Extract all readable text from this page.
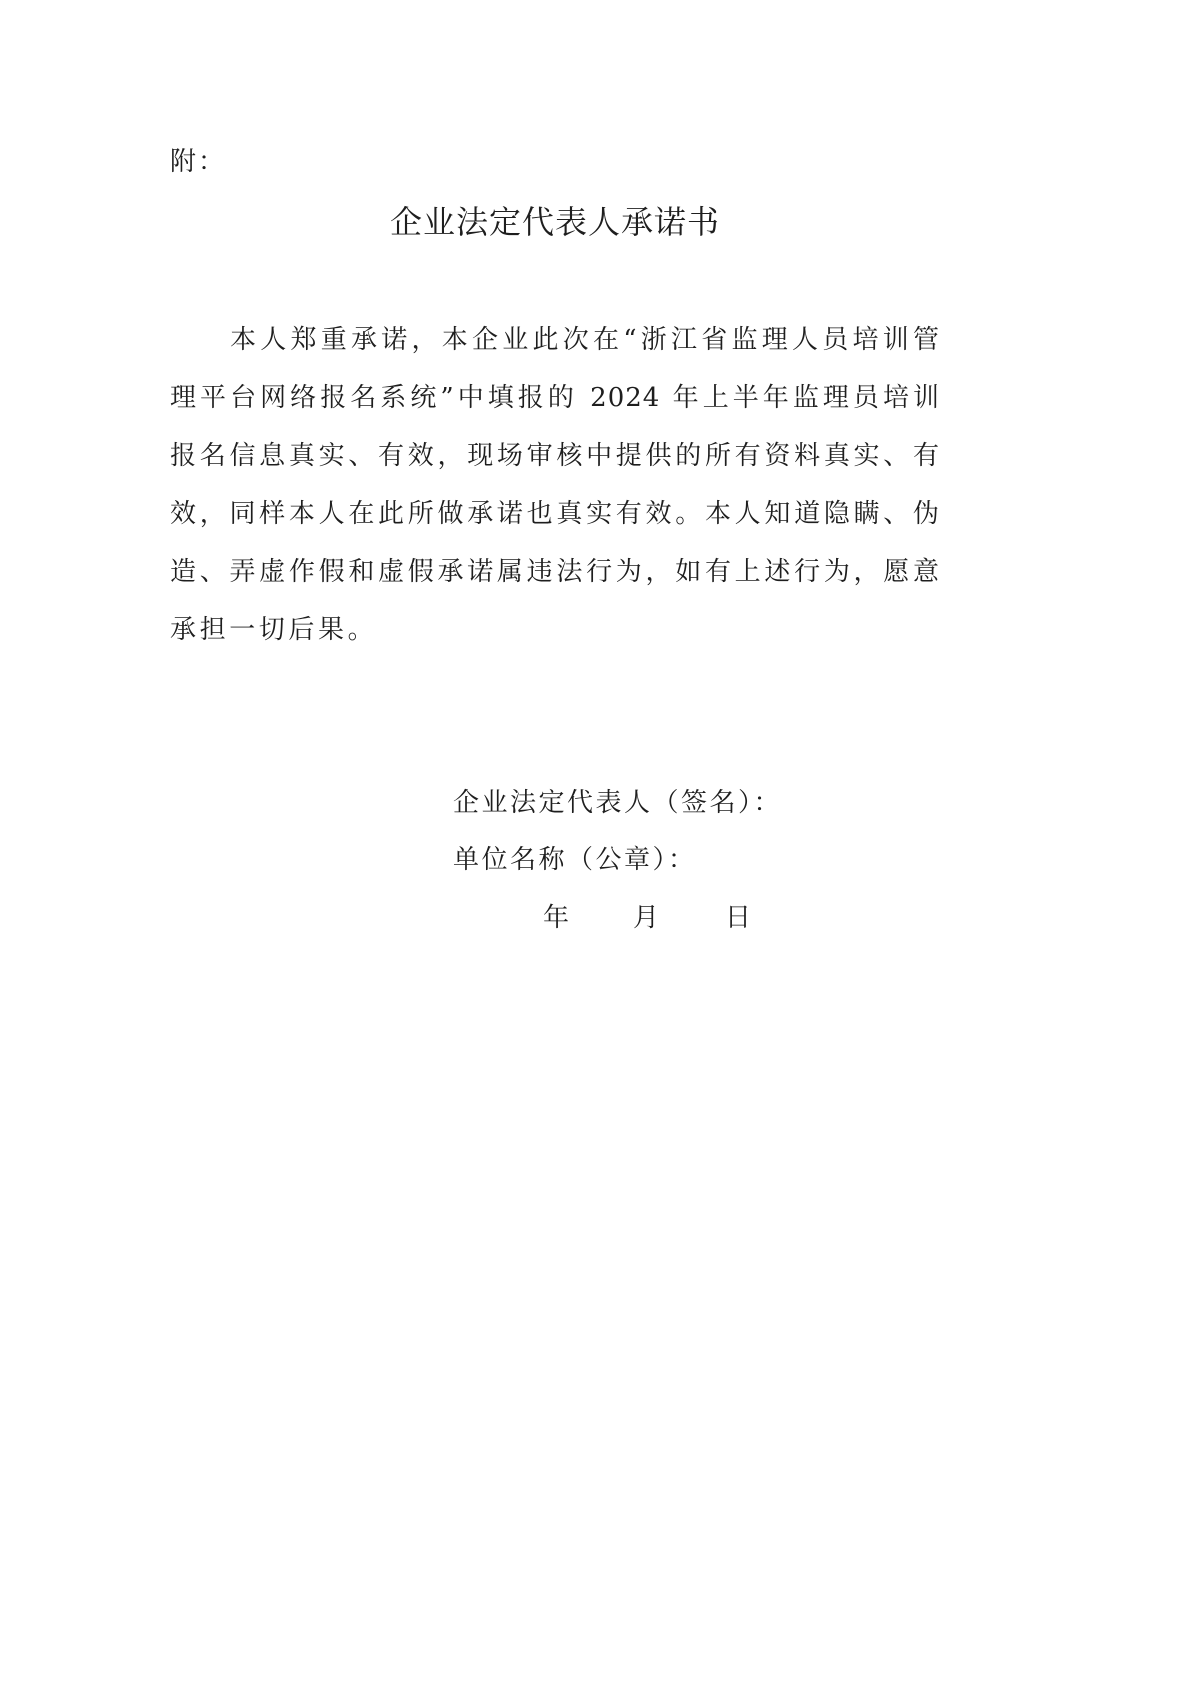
附：
企业法定代表人承诺书
本人郑重承诺，本企业此次在“浙江省监理人员培训管
理平台网络报名系统”中填报的 2024 年上半年监理员培训
报名信息真实、有效，现场审核中提供的所有资料真实、有
效，同样本人在此所做承诺也真实有效。本人知道隐瞒、伪
造、弄虚作假和虚假承诺属违法行为，如有上述行为，愿意
承担一切后果。
企业法定代表人（签名）：
单位名称（公章）：
年 月	日
